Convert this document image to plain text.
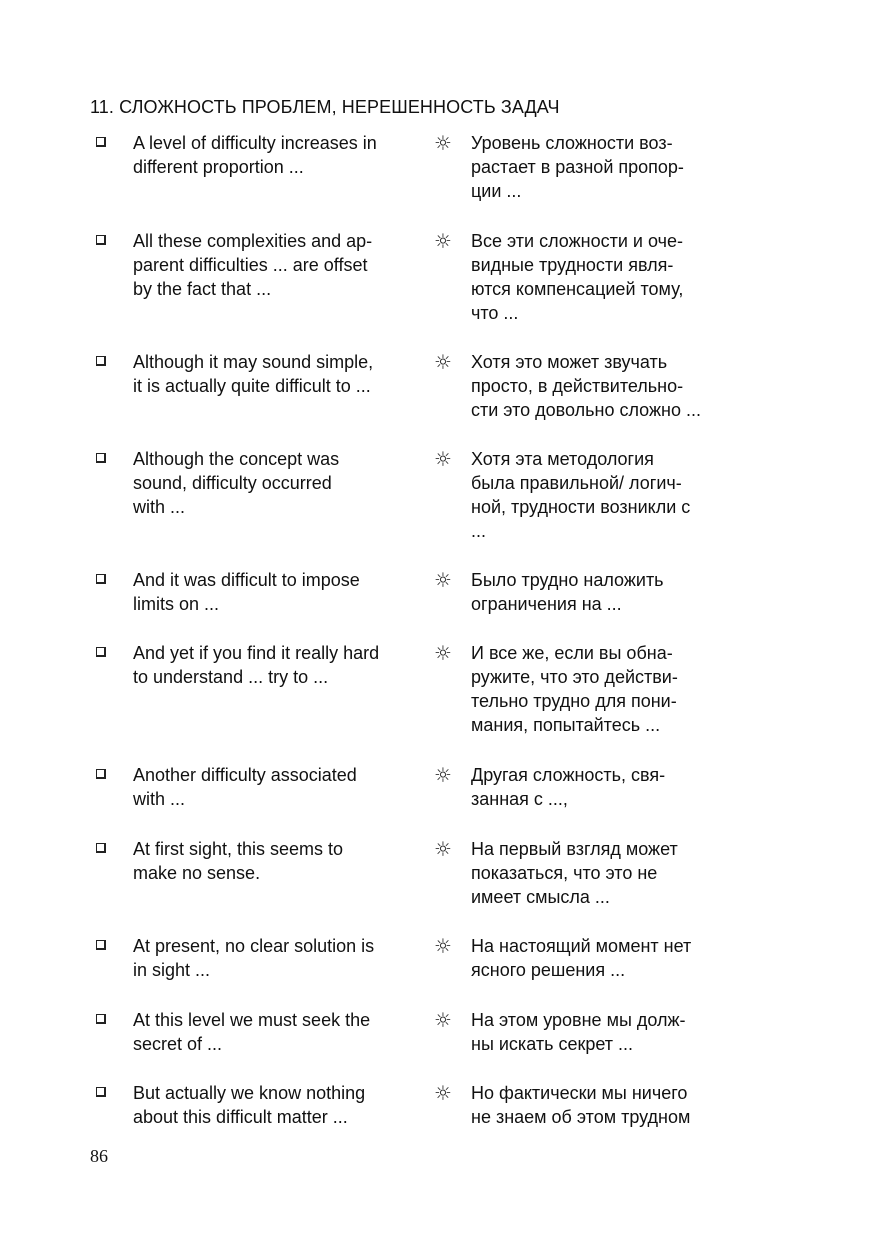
11. СЛОЖНОСТЬ ПРОБЛЕМ, НЕРЕШЕННОСТЬ ЗАДАЧ
A level of difficulty increases in
different proportion ...
☼ Уровень сложности воз-
растает в разной пропор-
ции ...
All these complexities and ap-
parent difficulties ... are offset
by the fact that ...
☼ Все эти сложности и оче-
видные трудности явля-
ются компенсацией тому,
что ...
Although it may sound simple,
it is actually quite difficult to ...
☼ Хотя это может звучать
просто, в действительно-
сти это довольно сложно ...
Although the concept was
sound, difficulty occurred
with ...
☼ Хотя эта методология
была правильной/ логич-
ной, трудности возникли с
...
And it was difficult to impose
limits on ...
☼ Было трудно наложить
ограничения на ...
And yet if you find it really hard
to understand ... try to ...
☼ И все же, если вы обна-
ружите, что это действи-
тельно трудно для пони-
мания, попытайтесь ...
Another difficulty associated
with ...
☼ Другая сложность, свя-
занная с ...,
At first sight, this seems to
make no sense.
☼ На первый взгляд может
показаться, что это не
имеет смысла ...
At present, no clear solution is
in sight ...
☼ На настоящий момент нет
ясного решения ...
At this level we must seek the
secret of ...
☼ На этом уровне мы долж-
ны искать секрет ...
But actually we know nothing
about this difficult matter ...
☼ Но фактически мы ничего
не знаем об этом трудном
86
